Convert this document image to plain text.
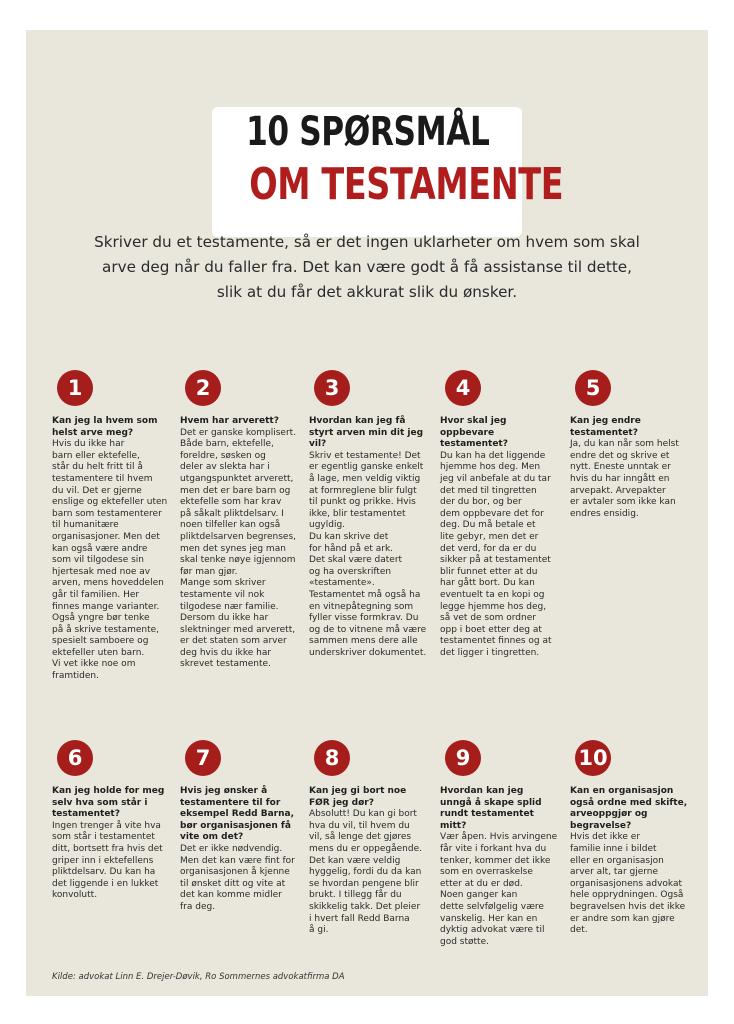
10 SPØRSMÅL
OM TESTAMENTE
Skriver du et testamente, så er det ingen uklarheter om hvem som skal arve deg når du faller fra. Det kan være godt å få assistanse til dette, slik at du får det akkurat slik du ønsker.
1
Kan jeg la hvem som helst arve meg?
Hvis du ikke har
barn eller ektefelle,
står du helt fritt til å
testamentere til hvem
du vil. Det er gjerne
enslige og ektefeller uten
barn som testamenterer
til humanitære
organisasjoner. Men det
kan også være andre
som vil tilgodese sin
hjertesak med noe av
arven, mens hoveddelen
går til familien. Her
finnes mange varianter.
Også yngre bør tenke
på å skrive testamente,
spesielt samboere og
ektefeller uten barn.
Vi vet ikke noe om
framtiden.
2
Hvem har arverett?
Det er ganske komplisert.
Både barn, ektefelle,
foreldre, søsken og
deler av slekta har i
utgangspunktet arverett,
men det er bare barn og
ektefelle som har krav
på såkalt pliktdelsarv. I
noen tilfeller kan også
pliktdelsarven begrenses,
men det synes jeg man
skal tenke nøye igjennom
før man gjør.
Mange som skriver
testamente vil nok
tilgodese nær familie.
Dersom du ikke har
slektninger med arverett,
er det staten som arver
deg hvis du ikke har
skrevet testamente.
3
Hvordan kan jeg få styrt arven min dit jeg vil?
Skriv et testamente! Det
er egentlig ganske enkelt
å lage, men veldig viktig
at formreglene blir fulgt
til punkt og prikke. Hvis
ikke, blir testamentet
ugyldig.
Du kan skrive det
for hånd på et ark.
Det skal være datert
og ha overskriften
«testamente».
Testamentet må også ha
en vitnepåtegning som
fyller visse formkrav. Du
og de to vitnene må være
sammen mens dere alle
underskriver dokumentet.
4
Hvor skal jeg oppbevare testamentet?
Du kan ha det liggende
hjemme hos deg. Men
jeg vil anbefale at du tar
det med til tingretten
der du bor, og ber
dem oppbevare det for
deg. Du må betale et
lite gebyr, men det er
det verd, for da er du
sikker på at testamentet
blir funnet etter at du
har gått bort. Du kan
eventuelt ta en kopi og
legge hjemme hos deg,
så vet de som ordner
opp i boet etter deg at
testamentet finnes og at
det ligger i tingretten.
5
Kan jeg endre testamentet?
Ja, du kan når som helst
endre det og skrive et
nytt. Eneste unntak er
hvis du har inngått en
arvepakt. Arvepakter
er avtaler som ikke kan
endres ensidig.
6
Kan jeg holde for meg selv hva som står i testamentet?
Ingen trenger å vite hva
som står i testamentet
ditt, bortsett fra hvis det
griper inn i ektefellens
pliktdelsarv. Du kan ha
det liggende i en lukket
konvolutt.
7
Hvis jeg ønsker å testamentere til for eksempel Redd Barna, bør organisasjonen få vite om det?
Det er ikke nødvendig.
Men det kan være fint for
organisasjonen å kjenne
til ønsket ditt og vite at
det kan komme midler
fra deg.
8
Kan jeg gi bort noe FØR jeg dør?
Absolutt! Du kan gi bort
hva du vil, til hvem du
vil, så lenge det gjøres
mens du er oppegående.
Det kan være veldig
hyggelig, fordi du da kan
se hvordan pengene blir
brukt. I tillegg får du
skikkelig takk. Det pleier
i hvert fall Redd Barna
å gi.
9
Hvordan kan jeg unngå å skape splid rundt testamentet mitt?
Vær åpen. Hvis arvingene
får vite i forkant hva du
tenker, kommer det ikke
som en overraskelse
etter at du er død.
Noen ganger kan
dette selvfølgelig være
vanskelig. Her kan en
dyktig advokat være til
god støtte.
10
Kan en organisasjon også ordne med skifte, arveoppgjør og begravelse?
Hvis det ikke er
familie inne i bildet
eller en organisasjon
arver alt, tar gjerne
organisasjonens advokat
hele opprydningen. Også
begravelsen hvis det ikke
er andre som kan gjøre
det.
Kilde: advokat Linn E. Drejer-Døvik, Ro Sommernes advokatfirma DA
